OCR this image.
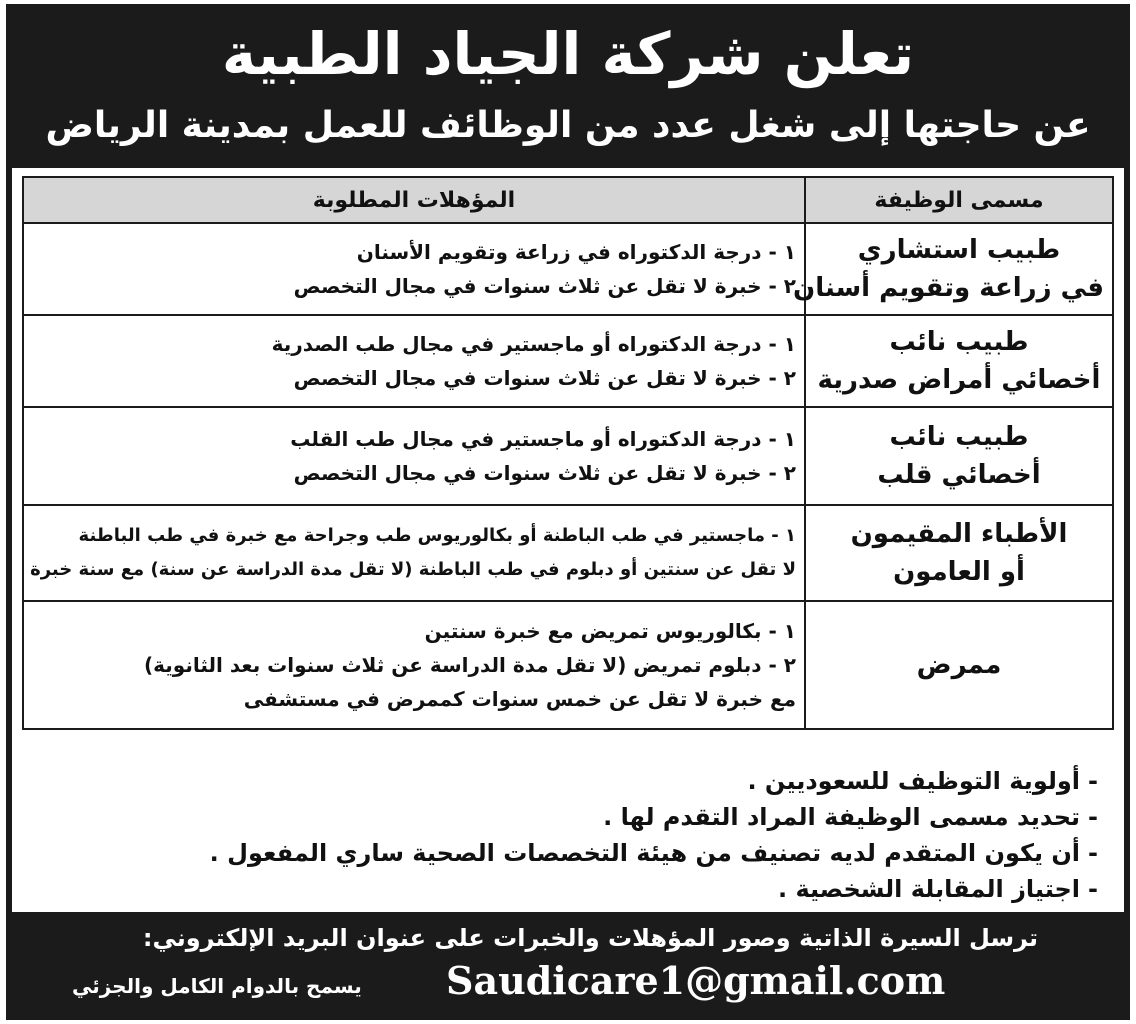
تعلن شركة الجياد الطبية
عن حاجتها إلى شغل عدد من الوظائف للعمل بمدينة الرياض
مسمى الوظيفة	المؤهلات المطلوبة

طبيب استشاري
في زراعة وتقويم أسنان	١ - درجة الدكتوراه في زراعة وتقويم الأسنان
٢ - خبرة لا تقل عن ثلاث سنوات في مجال التخصص

طبيب نائب
أخصائي أمراض صدرية	١ - درجة الدكتوراه أو ماجستير في مجال طب الصدرية
٢ - خبرة لا تقل عن ثلاث سنوات في مجال التخصص

طبيب نائب
أخصائي قلب	١ - درجة الدكتوراه أو ماجستير في مجال طب القلب
٢ - خبرة لا تقل عن ثلاث سنوات في مجال التخصص

الأطباء المقيمون
أو العامون	١ - ماجستير في طب الباطنة أو بكالوريوس طب وجراحة مع خبرة في طب الباطنة
لا تقل عن سنتين أو دبلوم في طب الباطنة (لا تقل مدة الدراسة عن سنة) مع سنة خبرة

ممرض	١ - بكالوريوس تمريض مع خبرة سنتين
٢ - دبلوم تمريض (لا تقل مدة الدراسة عن ثلاث سنوات بعد الثانوية)
مع خبرة لا تقل عن خمس سنوات كممرض في مستشفى
-أولوية التوظيف للسعوديين .
-تحديد مسمى الوظيفة المراد التقدم لها .
-أن يكون المتقدم لديه تصنيف من هيئة التخصصات الصحية ساري المفعول .
-اجتياز المقابلة الشخصية .
ترسل السيرة الذاتية وصور المؤهلات والخبرات على عنوان البريد الإلكتروني:
Saudicare1@gmail.com
يسمح بالدوام الكامل والجزئي
